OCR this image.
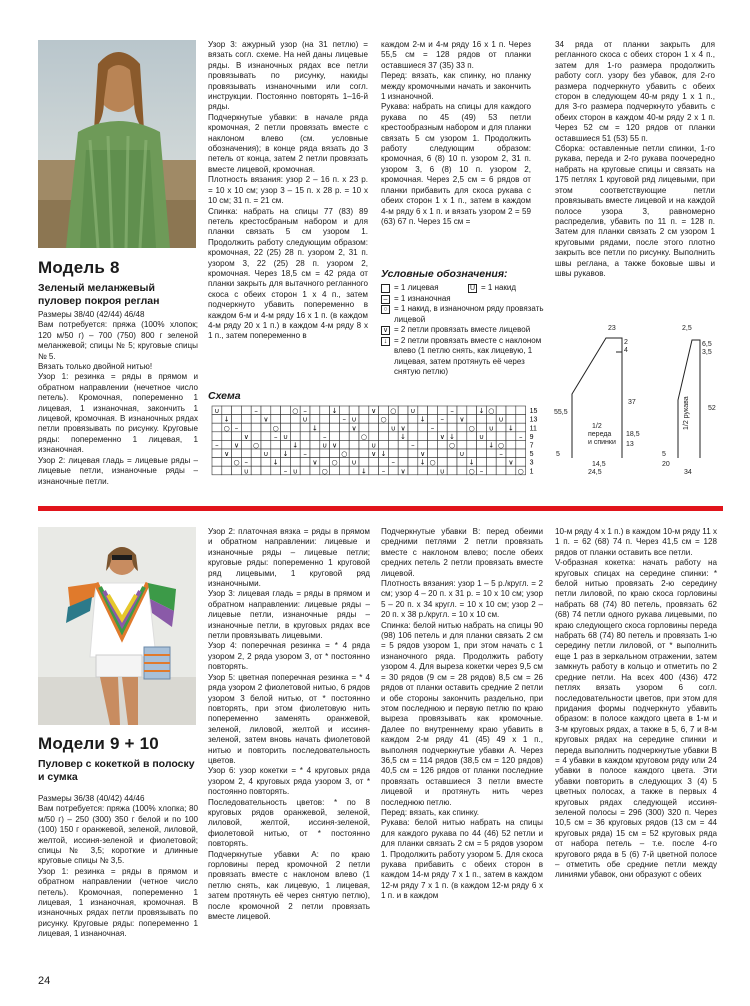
Модель 8
Зеленый меланжевый пуловер покроя реглан
Размеры 38/40 (42/44) 46/48
Вам потребуется: пряжа (100% хлопок; 120 м/50 г) – 700 (750) 800 г зеленой меланжевой; спицы № 5; круговые спицы № 5.
Вязать только двойной нитью!
Узор 1: резинка = ряды в прямом и обратном направлении (нечетное число петель). Кромочная, попеременно 1 лицевая, 1 изнаночная, закончить 1 лицевой, кромочная. В изнаночных рядах петли провязывать по рисунку. Круговые ряды: попеременно 1 лицевая, 1 изнаночная.
Узор 2: лицевая гладь = лицевые ряды – лицевые петли, изнаночные ряды – изнаночные петли.
Узор 3: ажурный узор (на 31 петлю) = вязать согл. схеме. На ней даны лицевые ряды. В изнаночных рядах все петли провязывать по рисунку, накиды провязывать изнаночными или согл. инструкции. Постоянно повторять 1–16-й ряды.
Подчеркнутые убавки: в начале ряда кромочная, 2 петли провязать вместе с наклоном влево (см. условные обозначения); в конце ряда вязать до 3 петель от конца, затем 2 петли провязать вместе лицевой, кромочная.
Плотность вязания: узор 2 – 16 п. х 23 р. = 10 х 10 см; узор 3 – 15 п. х 28 р. = 10 х 10 см; 31 п. = 21 см.
Спинка: набрать на спицы 77 (83) 89 петель крестосбраным набором и для планки связать 5 см узором 1. Продолжить работу следующим образом: кромочная, 22 (25) 28 п. узором 2, 31 п. узором 3, 22 (25) 28 п. узором 2, кромочная. Через 18,5 см = 42 рядa от планки закрыть для вытачного регланного скоса с обеих сторон 1 х 4 п., затем подчеркнуто убавить попеременно в каждом 6-м и 4-м ряду 16 х 1 п. (в каждом 4-м ряду 20 х 1 п.) в каждом 4-м ряду 8 х 1 п., затем попеременно в
каждом 2-м и 4-м ряду 16 х 1 п. Через 55,5 см = 128 рядов от планки оставшиеся 37 (35) 33 п.
Перед: вязать, как спинку, но планку между кромочными начать и закончить 1 изнаночной.
Рукава: набрать на спицы для каждого рукава по 45 (49) 53 петли крестообразным набором и для планки связать 5 см узором 1. Продолжить работу следующим образом: кромочная, 6 (8) 10 п. узором 2, 31 п. узором 3, 6 (8) 10 п. узором 2, кромочная. Через 2,5 см = 6 рядов от планки прибавить для скоса рукава с обеих сторон 1 х 1 п., затем в каждом 4-м ряду 6 х 1 п. и вязать узором 2 = 59 (63) 67 п. Через 15 см =
34 ряда от планки закрыть для регланного скоса с обеих сторон 1 х 4 п., затем для 1-го размера продолжить работу согл. узору без убавок, для 2-го размера подчеркнуто убавить с обеих сторон в следующем 40-м ряду 1 х 1 п., для 3-го размера подчеркнуто убавить с обеих сторон в каждом 40-м ряду 2 х 1 п. Через 52 см = 120 рядов от планки оставшиеся 51 (53) 55 п.
Сборка: оставленные петли спинки, 1-го рукава, переда и 2-го рукава поочередно набрать на круговые спицы и связать на 175 петлях 1 круговой ряд лицевыми, при этом соответствующие петли провязывать вместе лицевой и на каждой полосе узора 3, равномерно распределив, убавить по 11 п. = 128 п. Затем для планки связать 2 см узором 1 круговыми рядами, после этого плотно закрыть все петли по рисунку. Выполнить швы реглана, а также боковые швы и швы рукавов.
Условные обозначения:
= 1 лицевая
– = 1 изнаночная
○ = 1 накид, в изнаночном ряду провязать лицевой
∨ = 2 петли провязать вместе лицевой
↓ = 2 петли провязать вместе с наклоном влево (1 петлю снять, как лицевую, 1 лицевая, затем протянуть её через снятую петлю)
U = 1 накид
Схема
∪	–	○ –	↓	∨ ○ ∪	–	↓ ○	15
↓	∨	∪	– ∪	○	↓ – ∨	∪	13
○ –	○	↓	∨	∪ ∨	–	○ ∪ ↓ 11
∨	– ∪	–	○	↓	∨ ↓	∪	– 9
– ∨ ○	↓	∪ ∨	∪	–	○	↓ ○	7
∨	∪ ↓ –	○	∨ ↓	∨	∪	–	5
○ –	↓	∨ ○ ∪	–	↓ ○	↓	∨ 3
∪	– ∪	○	↓ – ∨	∪	○ –	○ 1
23
2
4
2,5
6,5
3,5
37
55,5
52
1/2
переда
и спинки
1/2 рукава
5
13
18,5
14,5
24,5
20
34
5
Модели 9 + 10
Пуловер с кокеткой в полоску и сумка
Размеры 36/38 (40/42) 44/46
Вам потребуется: пряжа (100% хлопка; 80 м/50 г) – 250 (300) 350 г белой и по 100 (100) 150 г оранжевой, зеленой, лиловой, желтой, иссиня-зеленой и фиолетовой; спицы № 3,5; короткие и длинные круговые спицы № 3,5.
Узор 1: резинка = ряды в прямом и обратном направлении (четное число петель). Кромочная, попеременно 1 лицевая, 1 изнаночная, кромочная. В изнаночных рядах петли провязывать по рисунку. Круговые ряды: попеременно 1 лицевая, 1 изнаночная.
Узор 2: платочная вязка = ряды в прямом и обратном направлении: лицевые и изнаночные ряды – лицевые петли; круговые ряды: попеременно 1 круговой ряд лицевыми, 1 круговой ряд изнаночными.
Узор 3: лицевая гладь = ряды в прямом и обратном направлении: лицевые ряды – лицевые петли, изнаночные ряды – изнаночные петли, в круговых рядах все петли провязывать лицевыми.
Узор 4: поперечная резинка = * 4 ряда узором 2, 2 рядa узором 3, от * постоянно повторять.
Узор 5: цветная поперечная резинка = * 4 ряда узором 2 фиолетовой нитью, 6 рядов узором 3 белой нитью, от * постоянно повторять, при этом фиолетовую нить попеременно заменять оранжевой, зеленой, лиловой, желтой и иссиня-зеленой, затем вновь начать фиолетовой нитью и повторить последовательность цветов.
Узор 6: узор кокетки = * 4 круговых ряда узором 2, 4 круговых ряда узором 3, от * постоянно повторять.
Последовательность цветов: * по 8 круговых рядов оранжевой, зеленой, лиловой, желтой, иссиня-зеленой, фиолетовой нитью, от * постоянно повторять.
Подчеркнутые убавки А: по краю горловины перед кромочной 2 петли провязать вместе с наклоном влево (1 петлю снять, как лицевую, 1 лицевая, затем протянуть её через снятую петлю), после кромочной 2 петли провязать вместе лицевой.
Подчеркнутые убавки В: перед обеими средними петлями 2 петли провязать вместе с наклоном влево; после обеих средних петель 2 петли провязать вместе лицевой.
Плотность вязания: узор 1 – 5 р./кругл. = 2 см; узор 4 – 20 п. х 31 р. = 10 х 10 см; узор 5 – 20 п. х 34 кругл. = 10 х 10 см; узор 2 – 20 п. х 38 р./кругл. = 10 х 10 см.
Спинка: белой нитью набрать на спицы 90 (98) 106 петель и для планки связать 2 см = 5 рядов узором 1, при этом начать с 1 изнаночного ряда. Продолжить работу узором 4. Для выреза кокетки через 9,5 см = 30 рядов (9 см = 28 рядов) 8,5 см = 26 рядов от планки оставить средние 2 петли и обе стороны закончить раздельно, при этом последнюю и первую петлю по краю выреза провязывать как кромочные. Далее по внутреннему краю убавить в каждом 2-м ряду 41 (45) 49 х 1 п., выполняя подчеркнутые убавки А. Через 36,5 см = 114 рядов (38,5 см = 120 рядов) 40,5 см = 126 рядов от планки последние провязать оставшиеся 3 петли вместе лицевой и протянуть нить через последнюю петлю.
Перед: вязать, как спинку.
Рукава: белой нитью набрать на спицы для каждого рукава по 44 (46) 52 петли и для планки связать 2 см = 5 рядов узором 1. Продолжить работу узором 5. Для скоса рукава прибавить с обеих сторон в каждом 14-м ряду 7 х 1 п., затем в каждом 12-м ряду 7 х 1 п. (в каждом 12-м ряду 6 х 1 п. и в каждом
10-м ряду 4 х 1 п.) в каждом 10-м ряду 11 х 1 п. = 62 (68) 74 п. Через 41,5 см = 128 рядов от планки оставить все петли.
V-образная кокетка: начать работу на круговых спицах на середине спинки: * белой нитью провязать 2-ю середину петли лиловой, по краю скоса горловины набрать 68 (74) 80 петель, провязать 62 (68) 74 петли одного рукава лицевыми, по краю следующего скоса горловины переда набрать 68 (74) 80 петель и провязать 1-ю середину петли лиловой, от * выполнить еще 1 раз в зеркальном отражении, затем замкнуть работу в кольцо и отметить по 2 средние петли. На всех 400 (436) 472 петлях вязать узором 6 согл. последовательности цветов, при этом для придания формы подчеркнуто убавить образом: в полосе каждого цвета в 1-м и 3-м круговых рядах, а также в 5, 6, 7 и 8-м круговых рядах на середине спинки и переда выполнить подчеркнутые убавки В = 4 убавки в каждом круговом ряду или 24 убавки в полосе каждого цвета. Эти убавки повторить в следующих 3 (4) 5 цветных полосах, а также в первых 4 круговых рядах следующей иссиня-зеленой полосы = 296 (300) 320 п. Через 10,5 см = 36 круговых рядов (13 см = 44 круговых ряда) 15 см = 52 круговых ряда от набора петель – т.е. после 4-го кругового ряда в 5 (6) 7-й цветной полосе – отметить обе средние петли между линиями убавок, они образуют с обеих
24
